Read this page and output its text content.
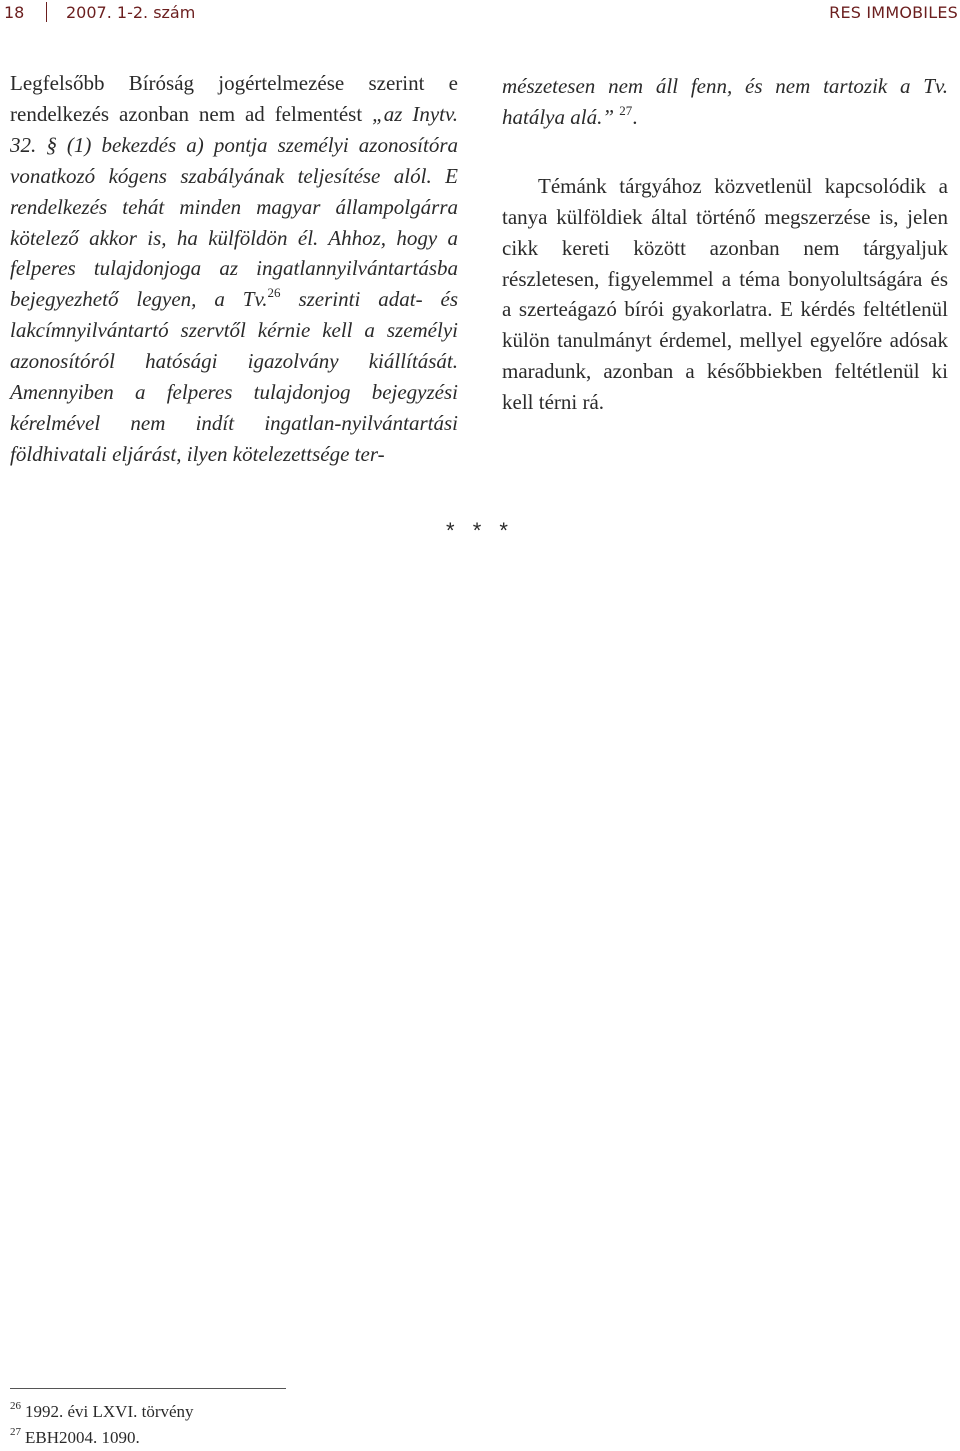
18	2007. 1-2. szám	RES IMMOBILES

Legfelsőbb Bíróság jogértelmezése szerint e rendelkezés azonban nem ad felmentést „az Inytv. 32. § (1) bekezdés a) pontja személyi azonosítóra vonatkozó kógens szabályának teljesítése alól. E rendelkezés tehát minden magyar állampolgárra kötelező akkor is, ha külföldön él. Ahhoz, hogy a felperes tulajdonjoga az ingatlannyilvántartásba bejegyezhető legyen, a Tv.$^{26}$ szerinti adat- és lakcímnyilvántartó szervtől kérnie kell a személyi azonosítóról hatósági igazolvány kiállítását. Amennyiben a felperes tulajdonjog bejegyzési kérelmével nem indít ingatlan-nyilvántartási földhivatali eljárást, ilyen kötelezettsége ter-

mészetesen nem áll fenn, és nem tartozik a Tv. hatálya alá.” $^{27}$.

Témánk tárgyához közvetlenül kapcsolódik a tanya külföldiek által történő megszerzése is, jelen cikk kereti között azonban nem tárgyaljuk részletesen, figyelemmel a téma bonyolultságára és a szerteágazó bírói gyakorlatra. E kérdés feltétlenül külön tanulmányt érdemel, mellyel egyelőre adósak maradunk, azonban a későbbiekben feltétlenül ki kell térni rá.

* * *
$^{26}$ 1992. évi LXVI. törvény
$^{27}$ EBH2004. 1090.
